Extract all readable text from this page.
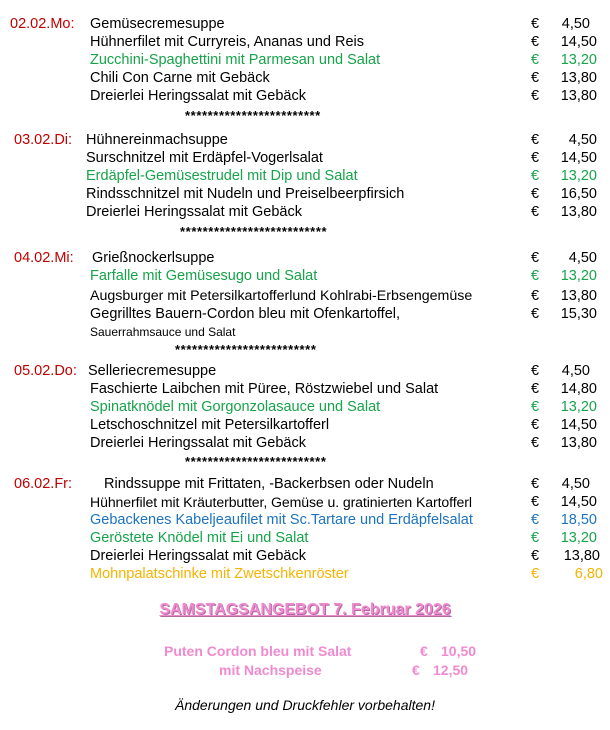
02.02.Mo: Gemüsecremesuppe	€	4,50
Hühnerfilet mit Curryreis, Ananas und Reis	€	14,50
Zucchini-Spaghettini mit Parmesan und Salat	€	13,20
Chili Con Carne mit Gebäck	€	13,80
Dreierlei Heringssalat mit Gebäck	€	13,80
************************
03.02.Di: Hühnereinmachsuppe	€	4,50
Surschnitzel mit Erdäpfel-Vogerlsalat	€	14,50
Erdäpfel-Gemüsestrudel mit Dip und Salat	€	13,20
Rindsschnitzel mit Nudeln und Preiselbeerpfirsich	€	16,50
Dreierlei Heringssalat mit Gebäck	€	13,80
**************************
04.02.Mi: Grießnockerlsuppe	€	4,50
Farfalle mit Gemüsesugo und Salat	€	13,20
Augsburger mit Petersilkartofferlund Kohlrabi-Erbsengemüse	€	13,80
Gegrilltes Bauern-Cordon bleu mit Ofenkartoffel,	€	15,30
Sauerrahmsauce und Salat
*************************
05.02.Do: Selleriecremesuppe	€	4,50
Faschierte Laibchen mit Püree, Röstzwiebel und Salat	€	14,80
Spinatknödel mit Gorgonzolasauce und Salat	€	13,20
Letschoschnitzel mit Petersilkartofferl	€	14,50
Dreierlei Heringssalat mit Gebäck	€	13,80
*************************
06.02.Fr: Rindssuppe mit Frittaten, -Backerbsen oder Nudeln	€	4,50
Hühnerfilet mit Kräuterbutter, Gemüse u. gratinierten Kartofferl	€	14,50
Gebackenes Kabeljeaufilet mit Sc.Tartare und Erdäpfelsalat	€	18,50
Geröstete Knödel mit Ei und Salat	€	13,20
Dreierlei Heringssalat mit Gebäck	€	13,80
Mohnpalatschinke mit Zwetschkenröster	€	6,80
SAMSTAGSANGEBOT 7. Februar 2026
Puten Cordon bleu mit Salat	€ 10,50
mit Nachspeise	€ 12,50
Änderungen und Druckfehler vorbehalten!
